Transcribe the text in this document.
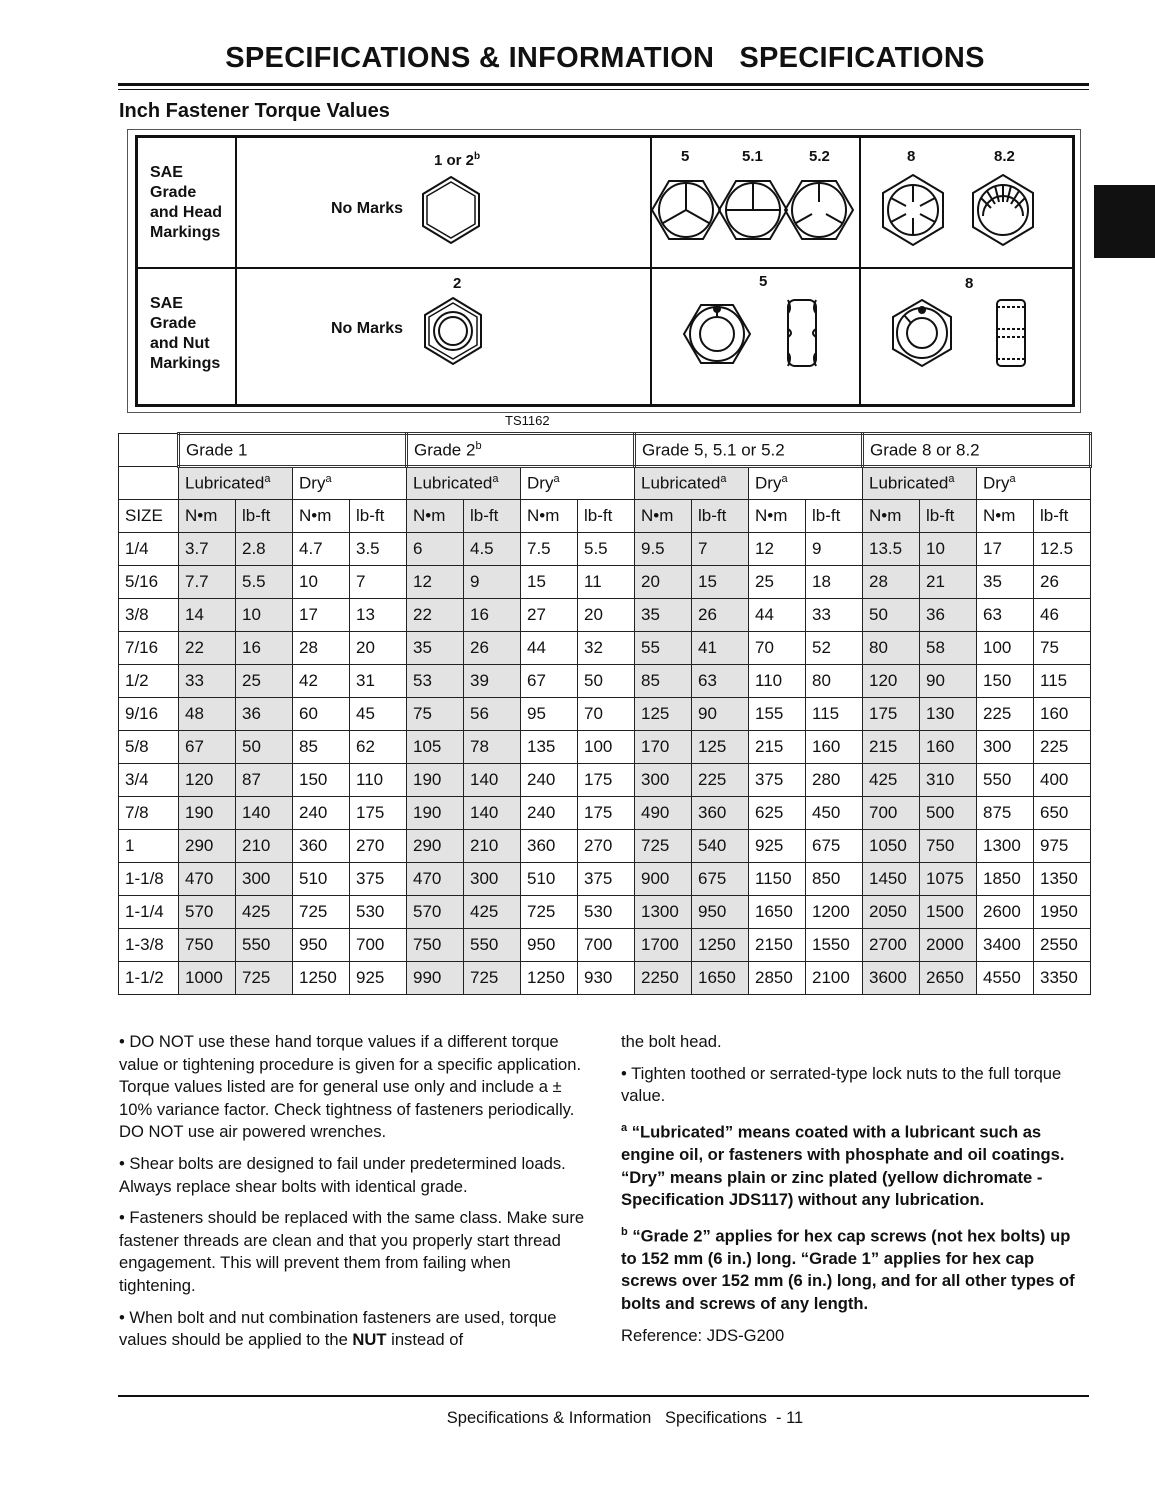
SPECIFICATIONS & INFORMATION   SPECIFICATIONS
Inch Fastener Torque Values
SAE
Grade
and Head
Markings
SAE
Grade
and Nut
Markings
No Marks
No Marks
1 or 2$^b$	5	5.1	5.2	8	8.2
2	5	8
TS1162
	Grade 1				Grade 2$^b$				Grade 5, 5.1 or 5.2				Grade 8 or 8.2			
	Lubricated$^a$		Dry$^a$		Lubricated$^a$		Dry$^a$		Lubricated$^a$		Dry$^a$		Lubricated$^a$		Dry$^a$
SIZE	N•m	lb-ft	N•m	lb-ft	N•m	lb-ft	N•m	lb-ft	N•m	lb-ft	N•m	lb-ft	N•m	lb-ft	N•m	lb-ft
1/4	3.7	2.8	4.7	3.5	6	4.5	7.5	5.5	9.5	7	12	9	13.5	10	17	12.5
5/16	7.7	5.5	10	7	12	9	15	11	20	15	25	18	28	21	35	26
3/8	14	10	17	13	22	16	27	20	35	26	44	33	50	36	63	46
7/16	22	16	28	20	35	26	44	32	55	41	70	52	80	58	100	75
1/2	33	25	42	31	53	39	67	50	85	63	110	80	120	90	150	115
9/16	48	36	60	45	75	56	95	70	125	90	155	115	175	130	225	160
5/8	67	50	85	62	105	78	135	100	170	125	215	160	215	160	300	225
3/4	120	87	150	110	190	140	240	175	300	225	375	280	425	310	550	400
7/8	190	140	240	175	190	140	240	175	490	360	625	450	700	500	875	650
1	290	210	360	270	290	210	360	270	725	540	925	675	1050	750	1300	975
1-1/8	470	300	510	375	470	300	510	375	900	675	1150	850	1450	1075	1850	1350
1-1/4	570	425	725	530	570	425	725	530	1300	950	1650	1200	2050	1500	2600	1950
1-3/8	750	550	950	700	750	550	950	700	1700	1250	2150	1550	2700	2000	3400	2550
1-1/2	1000	725	1250	925	990	725	1250	930	2250	1650	2850	2100	3600	2650	4550	3350

• DO NOT use these hand torque values if a different torque value or tightening procedure is given for a specific application. Torque values listed are for general use only and include a ± 10% variance factor. Check tightness of fasteners periodically. DO NOT use air powered wrenches.

• Shear bolts are designed to fail under predetermined loads. Always replace shear bolts with identical grade.

• Fasteners should be replaced with the same class. Make sure fastener threads are clean and that you properly start thread engagement. This will prevent them from failing when tightening.

• When bolt and nut combination fasteners are used, torque values should be applied to the NUT instead of

the bolt head.

• Tighten toothed or serrated-type lock nuts to the full torque value.

$^a$ “Lubricated” means coated with a lubricant such as engine oil, or fasteners with phosphate and oil coatings. “Dry” means plain or zinc plated (yellow dichromate - Specification JDS117) without any lubrication.

$^b$ “Grade 2” applies for hex cap screws (not hex bolts) up to 152 mm (6 in.) long. “Grade 1” applies for hex cap screws over 152 mm (6 in.) long, and for all other types of bolts and screws of any length.

Reference: JDS-G200

Specifications & Information   Specifications  - 11
